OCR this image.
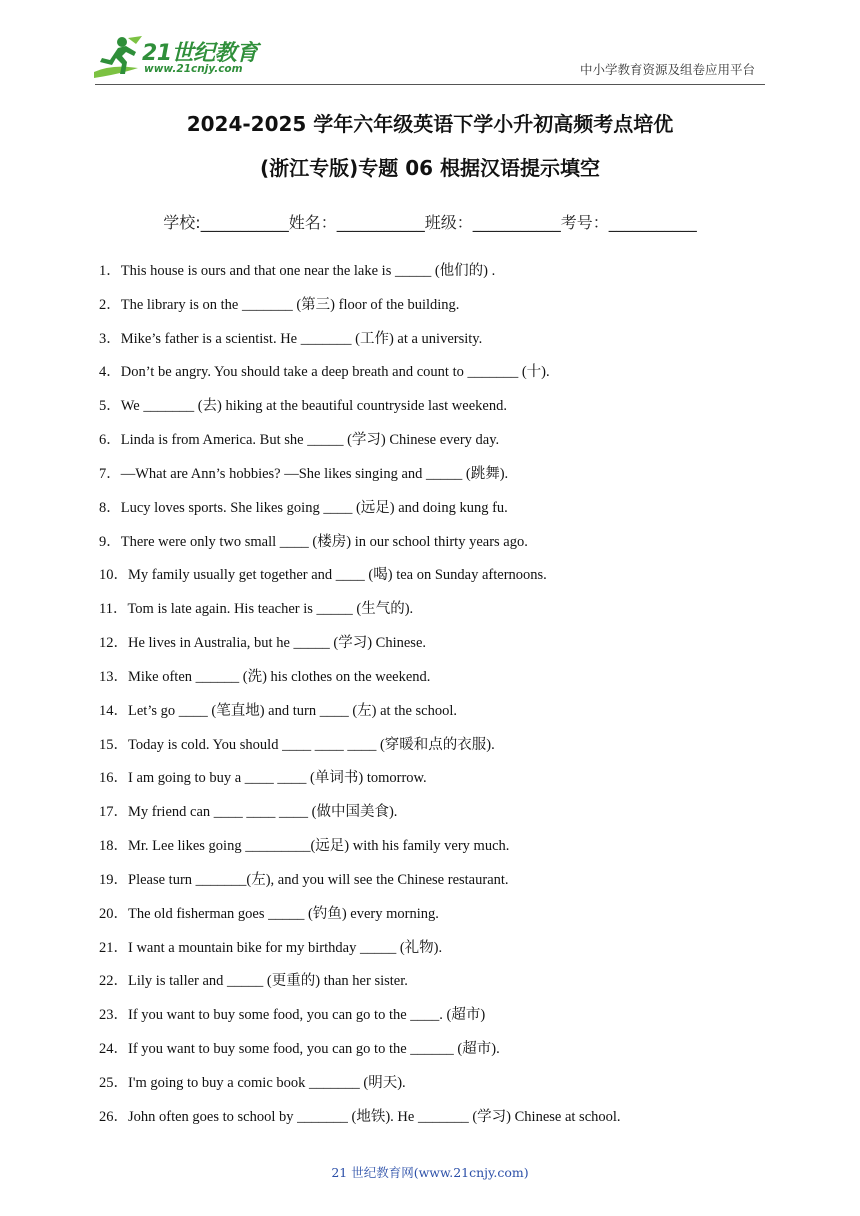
21世纪教育
www.21cnjy.com	中小学教育资源及组卷应用平台
2024-2025 学年六年级英语下学小升初高频考点培优
(浙江专版)专题 06 根据汉语提示填空
学校:___________姓名：___________班级：___________考号：___________
1．This house is ours and that one near the lake is _____ (他们的) .
2．The library is on the _______ (第三) floor of the building.
3．Mike’s father is a scientist. He _______ (工作) at a university.
4．Don’t be angry. You should take a deep breath and count to _______ (十).
5．We _______ (去) hiking at the beautiful countryside last weekend.
6．Linda is from America. But she _____ (学习) Chinese every day.
7．—What are Ann’s hobbies? —She likes singing and _____ (跳舞).
8．Lucy loves sports. She likes going ____ (远足) and doing kung fu.
9．There were only two small ____ (楼房) in our school thirty years ago.
10．My family usually get together and ____ (喝) tea on Sunday afternoons.
11．Tom is late again. His teacher is _____ (生气的).
12．He lives in Australia, but he _____ (学习) Chinese.
13．Mike often ______ (洗) his clothes on the weekend.
14．Let’s go ____ (笔直地) and turn ____ (左) at the school.
15．Today is cold. You should ____ ____ ____ (穿暖和点的衣服).
16．I am going to buy a ____ ____ (单词书) tomorrow.
17．My friend can ____ ____ ____ (做中国美食).
18．Mr. Lee likes going _________(远足) with his family very much.
19．Please turn _______(左), and you will see the Chinese restaurant.
20．The old fisherman goes _____ (钓鱼) every morning.
21．I want a mountain bike for my birthday _____ (礼物).
22．Lily is taller and _____ (更重的) than her sister.
23．If you want to buy some food, you can go to the ____. (超市)
24．If you want to buy some food, you can go to the ______ (超市).
25．I'm going to buy a comic book _______ (明天).
26．John often goes to school by _______ (地铁). He _______ (学习) Chinese at school.
21 世纪教育网(www.21cnjy.com)
